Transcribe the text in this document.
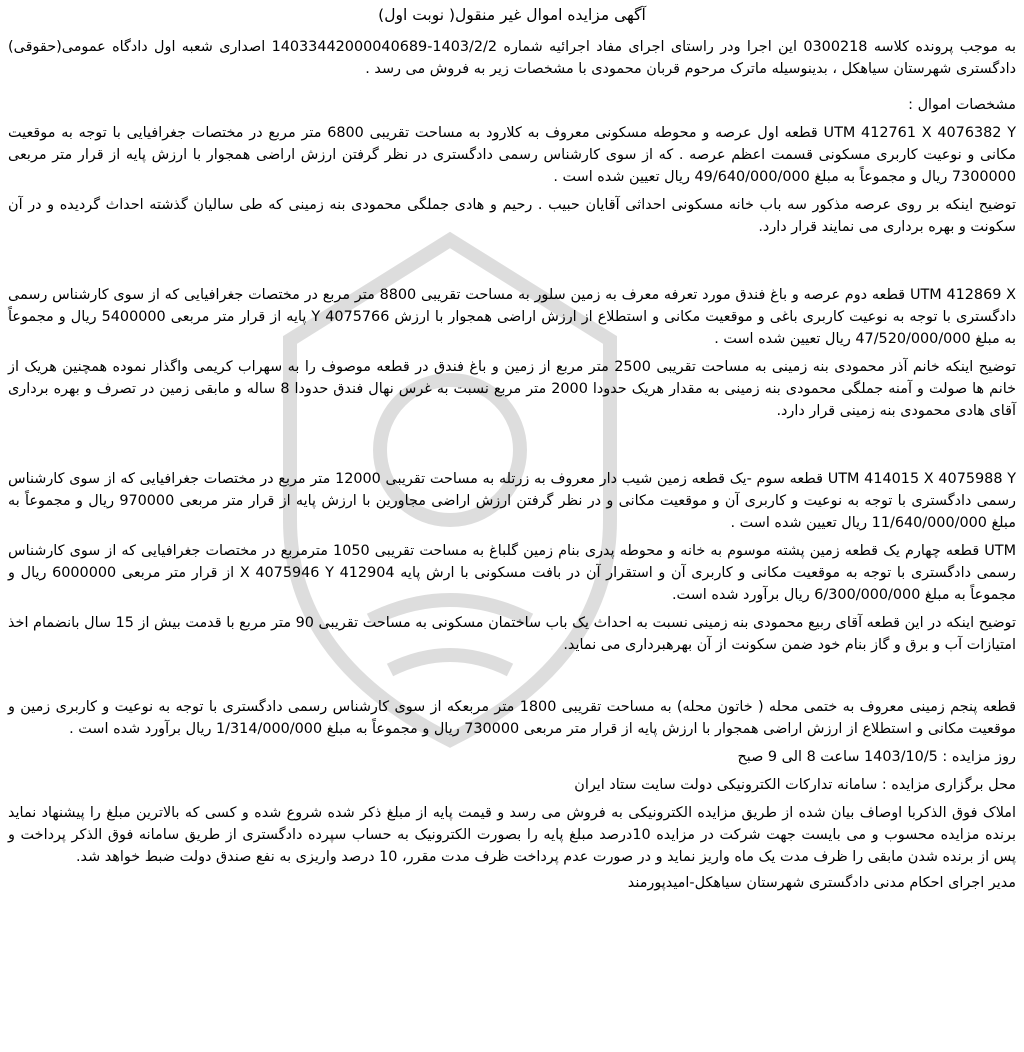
آگهی مزایده اموال غیر منقول( نوبت اول)

به موجب پرونده کلاسه 0300218 این اجرا ودر راستای اجرای مفاد اجرائیه شماره 1403/2/2-14033442000040689 اصداری شعبه اول دادگاه عمومی(حقوقی) دادگستری شهرستان سیاهکل ، بدینوسیله ماترک مرحوم قربان محمودی با مشخصات زیر به فروش می رسد .

مشخصات اموال :

UTM 412761 X 4076382 Y قطعه اول عرصه و محوطه مسکونی معروف به کلارود به مساحت تقریبی 6800 متر مربع در مختصات جغرافیایی با توجه به موقعیت مکانی و نوعیت کاربری مسکونی قسمت اعظم عرصه . که از سوی کارشناس رسمی دادگستری در نظر گرفتن ارزش اراضی همجوار با ارزش پایه از قرار متر مربعی 7300000 ریال و مجموعاً به مبلغ 49/640/000/000 ریال تعیین شده است .

توضیح اینکه بر روی عرصه مذکور سه باب خانه مسکونی احداثی آقایان حبیب . رحیم و هادی جملگی محمودی بنه زمینی که طی سالیان گذشته احداث گردیده و در آن سکونت و بهره برداری می نمایند قرار دارد.

UTM 412869 X قطعه دوم عرصه و باغ فندق مورد تعرفه معرف به زمین سلور به مساحت تقریبی 8800 متر مربع در مختصات جغرافیایی که از سوی کارشناس رسمی دادگستری با توجه به نوعیت کاربری باغی و موقعیت مکانی و استطلاع از ارزش اراضی همجوار با ارزش 4075766 Y پایه از قرار متر مربعی 5400000 ریال و مجموعاً به مبلغ 47/520/000/000 ریال تعیین شده است .

توضیح اینکه خانم آذر محمودی بنه زمینی به مساحت تقریبی 2500 متر مربع از زمین و باغ فندق در قطعه موصوف را به سهراب کریمی واگذار نموده همچنین هریک از خانم ها صولت و آمنه جملگی محمودی بنه زمینی به مقدار هریک حدودا 2000 متر مربع نسبت به غرس نهال فندق حدودا 8 ساله و مابقی زمین در تصرف و بهره برداری آقای هادی محمودی بنه زمینی قرار دارد.

UTM 414015 X 4075988 Y قطعه سوم -یک قطعه زمین شیب دار معروف به زرتله به مساحت تقریبی 12000 متر مربع در مختصات جغرافیایی که از سوی کارشناس رسمی دادگستری با توجه به نوعیت و کاربری آن و موقعیت مکانی و در نظر گرفتن ارزش اراضی مجاورین با ارزش پایه از قرار متر مربعی 970000 ریال و مجموعاً به مبلغ 11/640/000/000 ریال تعیین شده است .

UTM قطعه چهارم یک قطعه زمین پشته موسوم به خانه و محوطه پدری بنام زمین گلباغ به مساحت تقریبی 1050 مترمربع در مختصات جغرافیایی که از سوی کارشناس رسمی دادگستری با توجه به موقعیت مکانی و کاربری آن و استقرار آن در بافت مسکونی با ارش پایه 412904 X 4075946 Y از قرار متر مربعی 6000000 ریال و مجموعاً به مبلغ 6/300/000/000 ریال برآورد شده است.

توضیح اینکه در این قطعه آقای ربیع محمودی بنه زمینی نسبت به احداث یک باب ساختمان مسکونی به مساحت تقریبی 90 متر مربع با قدمت بیش از 15 سال بانضمام اخذ امتیازات آب و برق و گاز بنام خود ضمن سکونت از آن بهرهبرداری می نماید.

قطعه پنجم زمینی معروف به ختمی محله ( خاتون محله) به مساحت تقریبی 1800 متر مربعکه از سوی کارشناس رسمی دادگستری با توجه به نوعیت و کاربری زمین و موقعیت مکانی و استطلاع از ارزش اراضی همجوار با ارزش پایه از قرار متر مربعی 730000 ریال و مجموعاً به مبلغ 1/314/000/000 ریال برآورد شده است .

روز مزایده : 1403/10/5 ساعت 8 الی 9 صبح

محل برگزاری مزایده : سامانه تدارکات الکترونیکی دولت سایت ستاد ایران

املاک فوق الذکربا اوصاف بیان شده از طریق مزایده الکترونیکی به فروش می رسد و قیمت پایه از مبلغ ذکر شده شروع شده و کسی که بالاترین مبلغ را پیشنهاد نماید برنده مزایده محسوب و می بایست جهت شرکت در مزایده 10درصد مبلغ پایه را بصورت الکترونیک به حساب سپرده دادگستری از طریق سامانه فوق الذکر پرداخت و پس از برنده شدن مابقی را ظرف مدت یک ماه واریز نماید و در صورت عدم پرداخت ظرف مدت مقرر، 10 درصد واریزی به نفع صندق دولت ضبط خواهد شد.

مدیر اجرای احکام مدنی دادگستری شهرستان سیاهکل-امیدپورمند
